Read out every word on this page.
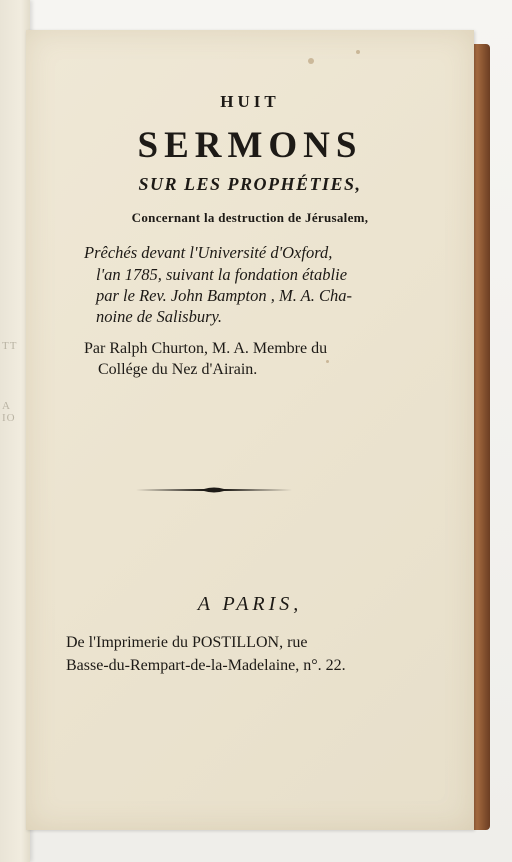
TT
A IO
HUIT
SERMONS
SUR LES PROPHÉTIES,
Concernant la destruction de Jérusalem,
Prêchés devant l'Université d'Oxford,
l'an 1785, suivant la fondation établie
par le Rev. John Bampton , M. A. Cha-
noine de Salisbury.
Par Ralph Churton, M. A. Membre du
Collége du Nez d'Airain.
A PARIS,
De l'Imprimerie du POSTILLON, rue
Basse-du-Rempart-de-la-Madelaine, n°. 22.
